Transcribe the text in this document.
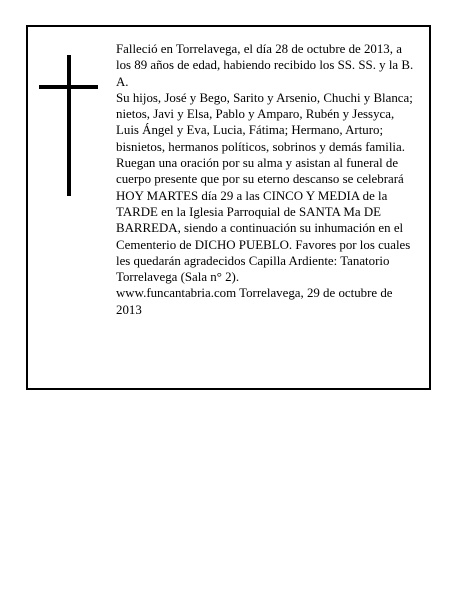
Falleció en Torrelavega, el día 28 de octubre de 2013, a los 89 años de edad, habiendo recibido los SS. SS. y la B. A.

Su hijos, José y Bego, Sarito y Arsenio, Chuchi y Blanca; nietos, Javi y Elsa, Pablo y Amparo, Rubén y Jessyca, Luis Ángel y Eva, Lucia, Fátima; Hermano, Arturo; bisnietos, hermanos políticos, sobrinos y demás familia.

Ruegan una oración por su alma y asistan al funeral de cuerpo presente que por su eterno descanso se celebrará HOY MARTES día 29 a las CINCO Y MEDIA de la TARDE en la Iglesia Parroquial de SANTA Ma DE BARREDA, siendo a continuación su inhumación en el Cementerio de DICHO PUEBLO. Favores por los cuales les quedarán agradecidos Capilla Ardiente: Tanatorio Torrelavega (Sala n° 2).

www.funcantabria.com Torrelavega, 29 de octubre de 2013
